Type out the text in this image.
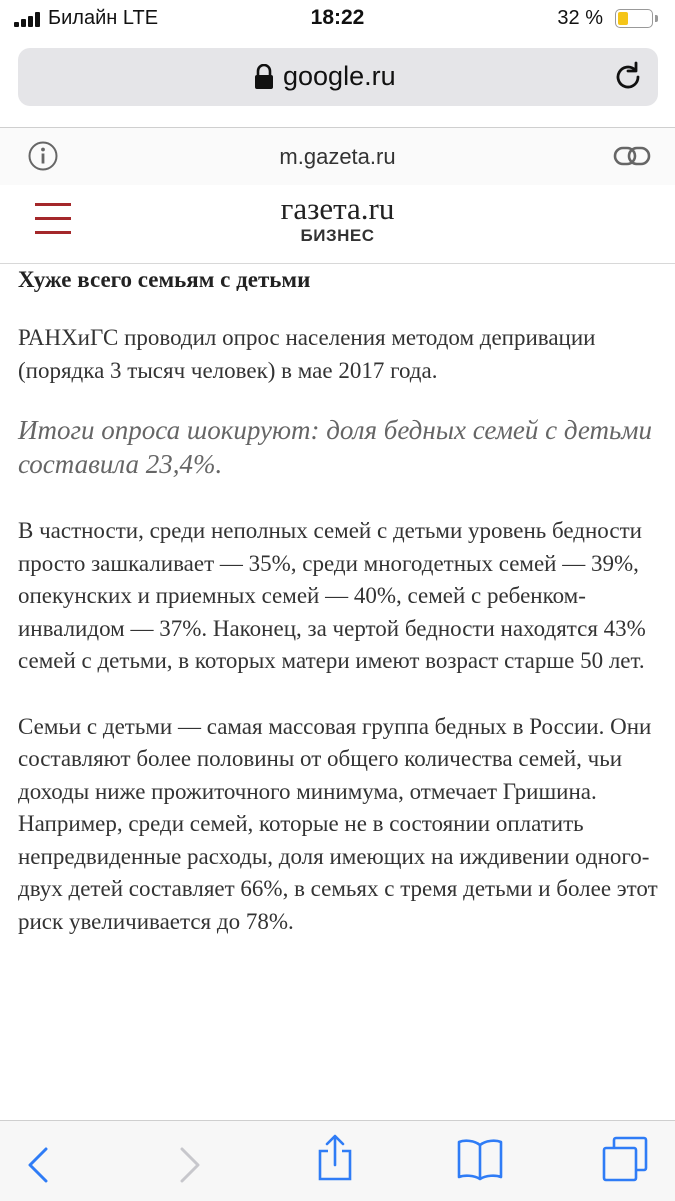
Билайн LTE	18:22	32 %
google.ru
m.gazeta.ru
газета.ru
БИЗНЕС
Хуже всего семьям с детьми

РАНХиГС проводил опрос населения методом депривации (порядка 3 тысяч человек) в мае 2017 года.

Итоги опроса шокируют: доля бедных семей с детьми составила 23,4%.

В частности, среди неполных семей с детьми уровень бедности просто зашкаливает — 35%, среди многодетных семей — 39%, опекунских и приемных семей — 40%, семей с ребенком-инвалидом — 37%. Наконец, за чертой бедности находятся 43% семей с детьми, в которых матери имеют возраст старше 50 лет.

Семьи с детьми — самая массовая группа бедных в России. Они составляют более половины от общего количества семей, чьи доходы ниже прожиточного минимума, отмечает Гришина. Например, среди семей, которые не в состоянии оплатить непредвиденные расходы, доля имеющих на иждивении одного-двух детей составляет 66%, в семьях с тремя детьми и более этот риск увеличивается до 78%.
